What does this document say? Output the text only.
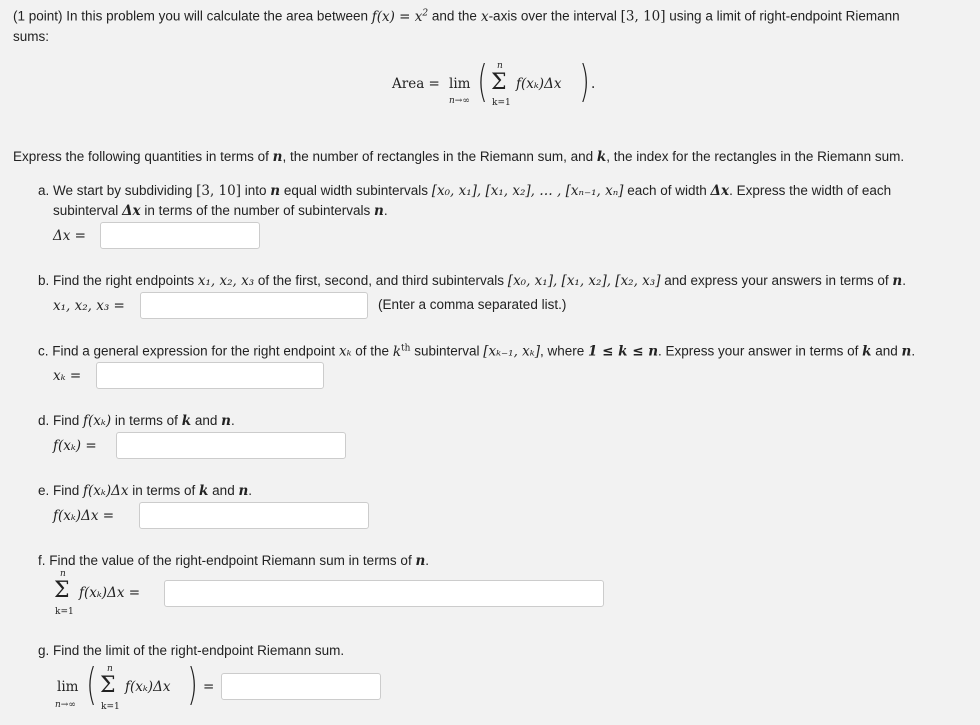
(1 point) In this problem you will calculate the area between $f(x) = x^2$ and the x-axis over the interval [3, 10] using a limit of right-endpoint Riemann
sums:
Area = lim
n→∞ ( n
Σ
k=1
f(xₖ)Δx ) .
Express the following quantities in terms of n, the number of rectangles in the Riemann sum, and k, the index for the rectangles in the Riemann sum.
a. We start by subdividing [3, 10] into n equal width subintervals [x₀, x₁], [x₁, x₂], … , [xₙ₋₁, xₙ] each of width Δx. Express the width of each
subinterval Δx in terms of the number of subintervals n.
Δx =
b. Find the right endpoints x₁, x₂, x₃ of the first, second, and third subintervals [x₀, x₁], [x₁, x₂], [x₂, x₃] and express your answers in terms of n.
x₁, x₂, x₃ =	(Enter a comma separated list.)
c. Find a general expression for the right endpoint xₖ of the $k^{th}$ subinterval [xₖ₋₁, xₖ], where 1 ≤ k ≤ n. Express your answer in terms of k and n.
xₖ =
d. Find f(xₖ) in terms of k and n.
f(xₖ) =
e. Find f(xₖ)Δx in terms of k and n.
f(xₖ)Δx =
f. Find the value of the right-endpoint Riemann sum in terms of n.
n
Σ
k=1
f(xₖ)Δx =
g. Find the limit of the right-endpoint Riemann sum.
lim
n→∞ ( n
Σ
k=1
f(xₖ)Δx ) =
